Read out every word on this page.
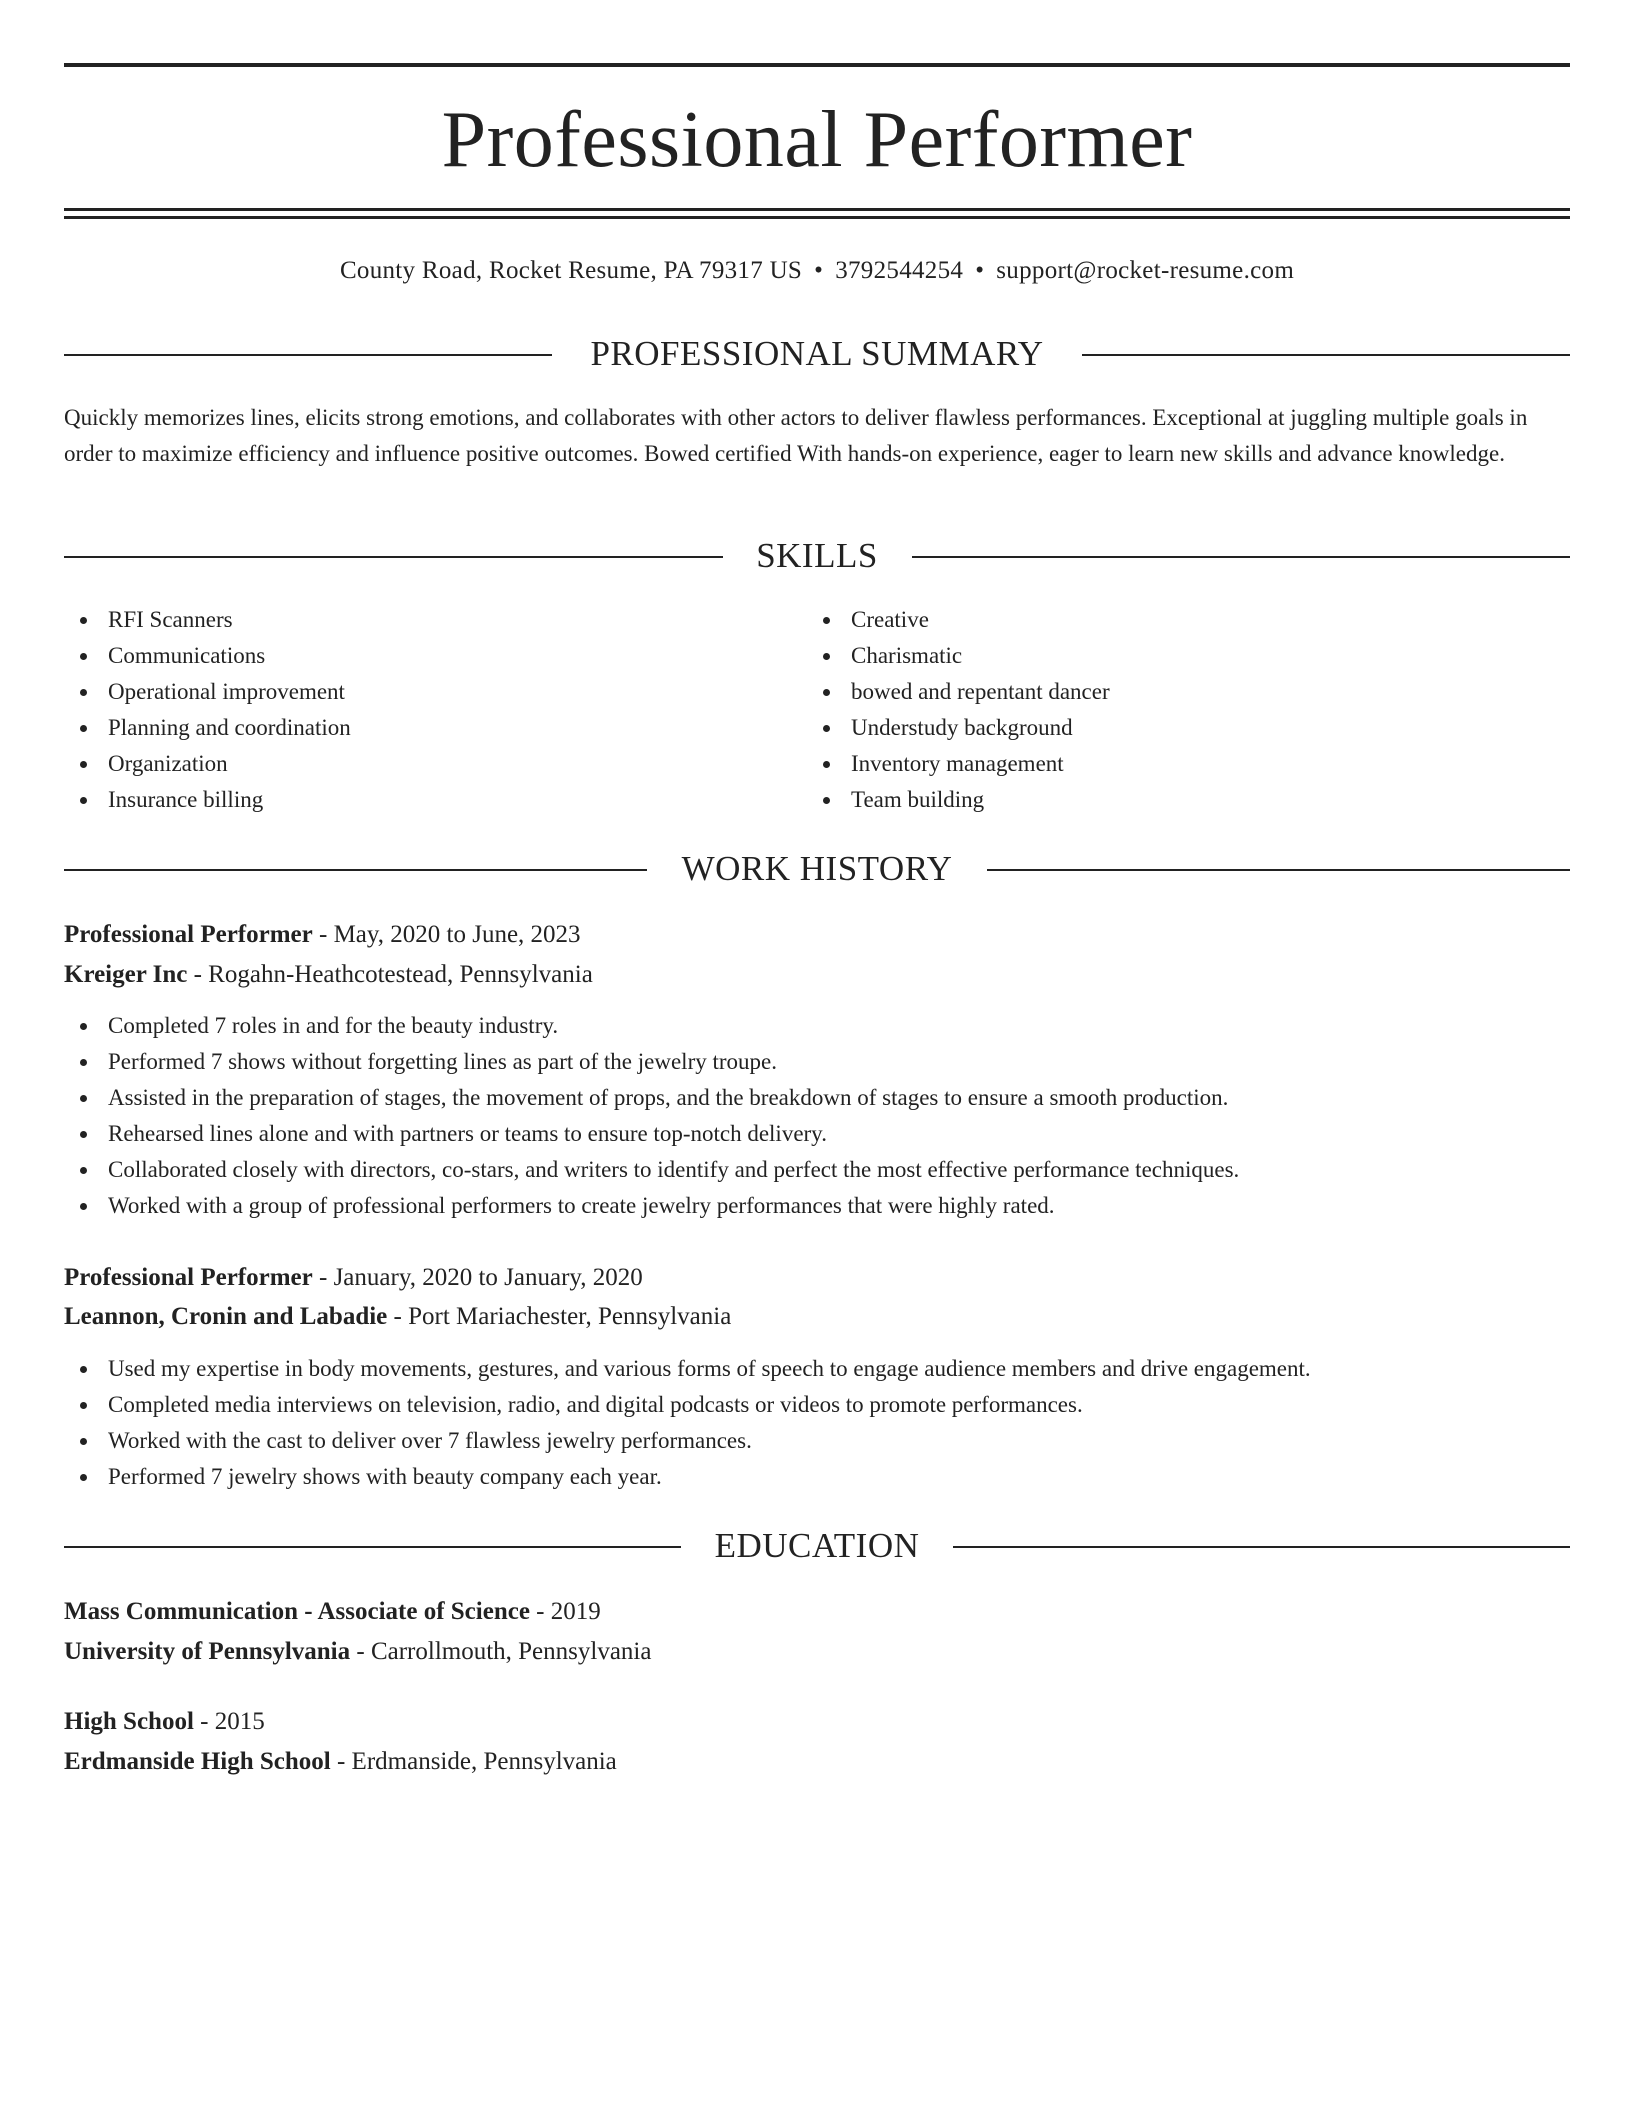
Professional Performer
County Road, Rocket Resume, PA 79317 US • 3792544254 • support@rocket-resume.com
PROFESSIONAL SUMMARY

Quickly memorizes lines, elicits strong emotions, and collaborates with other actors to deliver flawless performances. Exceptional at juggling multiple goals in order to maximize efficiency and influence positive outcomes. Bowed certified With hands-on experience, eager to learn new skills and advance knowledge.

SKILLS
RFI Scanners
Communications
Operational improvement
Planning and coordination
Organization
Insurance billing
Creative
Charismatic
bowed and repentant dancer
Understudy background
Inventory management
Team building
WORK HISTORY
Professional Performer - May, 2020 to June, 2023
Kreiger Inc - Rogahn-Heathcotestead, Pennsylvania
Completed 7 roles in and for the beauty industry.
Performed 7 shows without forgetting lines as part of the jewelry troupe.
Assisted in the preparation of stages, the movement of props, and the breakdown of stages to ensure a smooth production.
Rehearsed lines alone and with partners or teams to ensure top-notch delivery.
Collaborated closely with directors, co-stars, and writers to identify and perfect the most effective performance techniques.
Worked with a group of professional performers to create jewelry performances that were highly rated.
Professional Performer - January, 2020 to January, 2020
Leannon, Cronin and Labadie - Port Mariachester, Pennsylvania
Used my expertise in body movements, gestures, and various forms of speech to engage audience members and drive engagement.
Completed media interviews on television, radio, and digital podcasts or videos to promote performances.
Worked with the cast to deliver over 7 flawless jewelry performances.
Performed 7 jewelry shows with beauty company each year.
EDUCATION
Mass Communication - Associate of Science - 2019
University of Pennsylvania - Carrollmouth, Pennsylvania
High School - 2015
Erdmanside High School - Erdmanside, Pennsylvania
